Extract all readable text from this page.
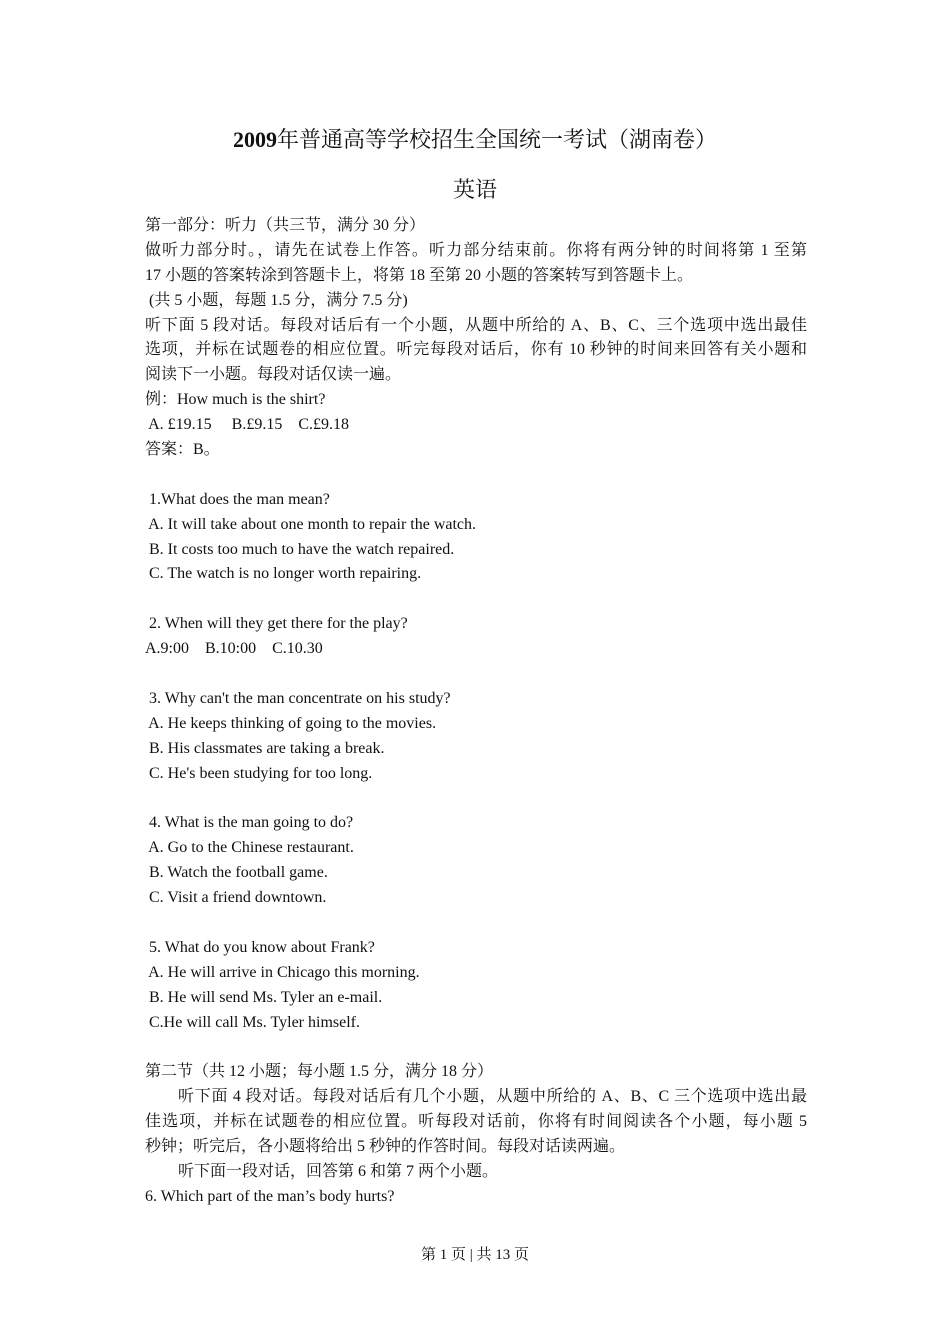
2009年普通高等学校招生全国统一考试（湖南卷）
英语
第一部分：听力（共三节，满分 30 分）
做听力部分时。，请先在试卷上作答。听力部分结束前。你将有两分钟的时间将第 1 至第
17 小题的答案转涂到答题卡上，将第 18 至第 20 小题的答案转写到答题卡上。
(共 5 小题，每题 1.5 分，满分 7.5 分)
听下面 5 段对话。每段对话后有一个小题，从题中所给的 A、B、C、三个选项中选出最佳
选项，并标在试题卷的相应位置。听完每段对话后，你有 10 秒钟的时间来回答有关小题和
阅读下一小题。每段对话仅读一遍。
例：How much is the shirt?
A. £19.15     B.£9.15    C.£9.18
答案：B。
1.What does the man mean?
A. It will take about one month to repair the watch.
B. It costs too much to have the watch repaired.
C. The watch is no longer worth repairing.
2. When will they get there for the play?
A.9:00    B.10:00    C.10.30
3. Why can't the man concentrate on his study?
A. He keeps thinking of going to the movies.
B. His classmates are taking a break.
C. He's been studying for too long.
4. What is the man going to do?
A. Go to the Chinese restaurant.
B. Watch the football game.
C. Visit a friend downtown.
5. What do you know about Frank?
A. He will arrive in Chicago this morning.
B. He will send Ms. Tyler an e-mail.
C.He will call Ms. Tyler himself.
第二节（共 12 小题；每小题 1.5 分，满分 18 分）
听下面 4 段对话。每段对话后有几个小题，从题中所给的 A、B、C 三个选项中选出最
佳选项，并标在试题卷的相应位置。听每段对话前，你将有时间阅读各个小题，每小题 5
秒钟；听完后，各小题将给出 5 秒钟的作答时间。每段对话读两遍。
听下面一段对话，回答第 6 和第 7 两个小题。
6. Which part of the man’s body hurts?
第 1 页 | 共 13 页
